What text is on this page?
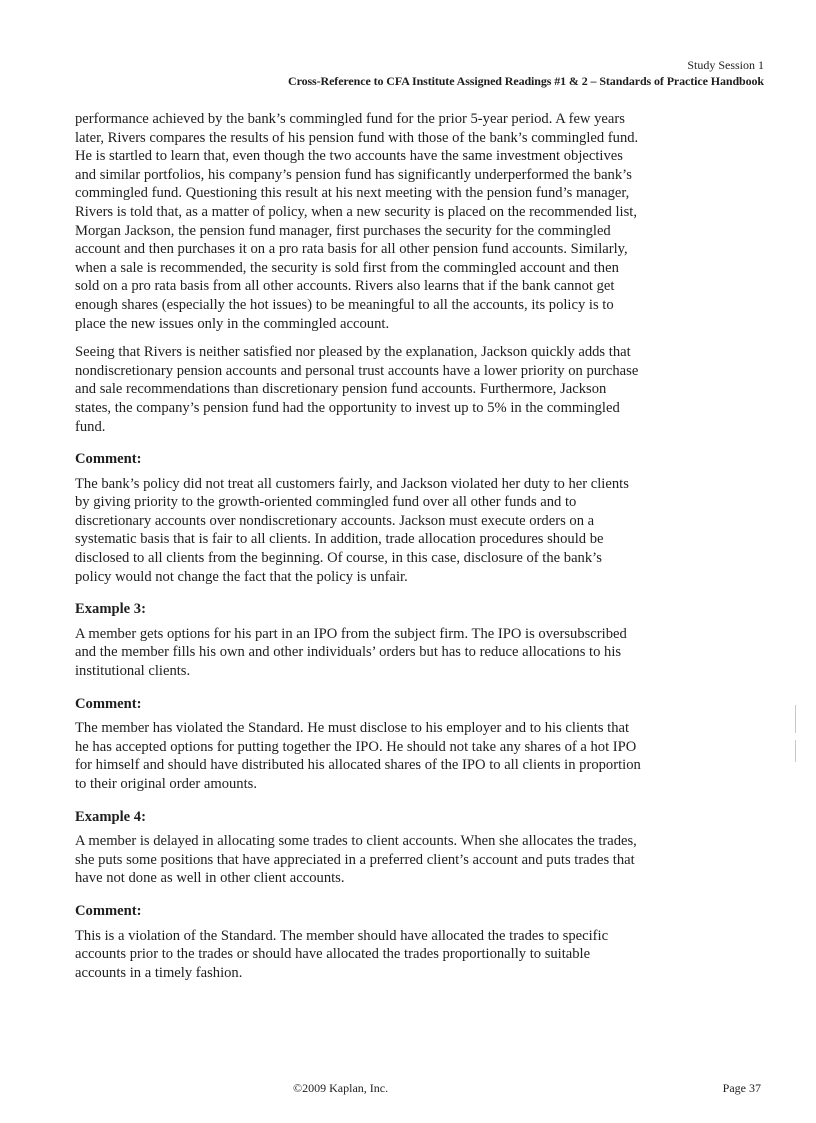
Study Session 1
Cross-Reference to CFA Institute Assigned Readings #1 & 2 – Standards of Practice Handbook

performance achieved by the bank’s commingled fund for the prior 5-year period. A few years later, Rivers compares the results of his pension fund with those of the bank’s commingled fund. He is startled to learn that, even though the two accounts have the same investment objectives and similar portfolios, his company’s pension fund has significantly underperformed the bank’s commingled fund. Questioning this result at his next meeting with the pension fund’s manager, Rivers is told that, as a matter of policy, when a new security is placed on the recommended list, Morgan Jackson, the pension fund manager, first purchases the security for the commingled account and then purchases it on a pro rata basis for all other pension fund accounts. Similarly, when a sale is recommended, the security is sold first from the commingled account and then sold on a pro rata basis from all other accounts. Rivers also learns that if the bank cannot get enough shares (especially the hot issues) to be meaningful to all the accounts, its policy is to place the new issues only in the commingled account.

Seeing that Rivers is neither satisfied nor pleased by the explanation, Jackson quickly adds that nondiscretionary pension accounts and personal trust accounts have a lower priority on purchase and sale recommendations than discretionary pension fund accounts. Furthermore, Jackson states, the company’s pension fund had the opportunity to invest up to 5% in the commingled fund.

Comment:

The bank’s policy did not treat all customers fairly, and Jackson violated her duty to her clients by giving priority to the growth-oriented commingled fund over all other funds and to discretionary accounts over nondiscretionary accounts. Jackson must execute orders on a systematic basis that is fair to all clients. In addition, trade allocation procedures should be disclosed to all clients from the beginning. Of course, in this case, disclosure of the bank’s policy would not change the fact that the policy is unfair.

Example 3:

A member gets options for his part in an IPO from the subject firm. The IPO is oversubscribed and the member fills his own and other individuals’ orders but has to reduce allocations to his institutional clients.

Comment:

The member has violated the Standard. He must disclose to his employer and to his clients that he has accepted options for putting together the IPO. He should not take any shares of a hot IPO for himself and should have distributed his allocated shares of the IPO to all clients in proportion to their original order amounts.

Example 4:

A member is delayed in allocating some trades to client accounts. When she allocates the trades, she puts some positions that have appreciated in a preferred client’s account and puts trades that have not done as well in other client accounts.

Comment:

This is a violation of the Standard. The member should have allocated the trades to specific accounts prior to the trades or should have allocated the trades proportionally to suitable accounts in a timely fashion.

©2009 Kaplan, Inc.	Page 37
